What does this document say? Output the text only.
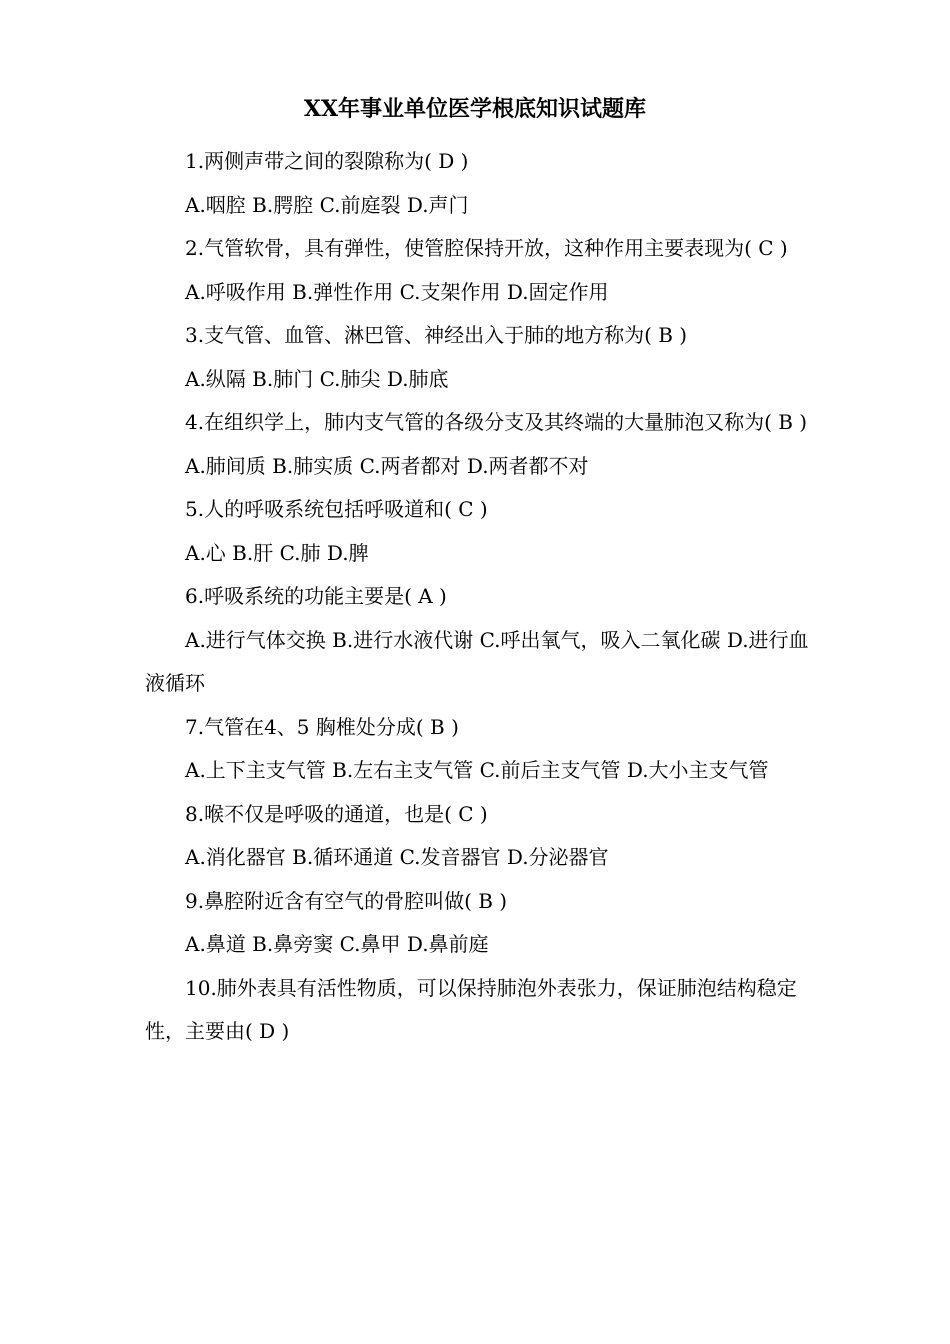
XX年事业单位医学根底知识试题库

1.两侧声带之间的裂隙称为( D )

A.咽腔 B.腭腔 C.前庭裂 D.声门

2.气管软骨，具有弹性，使管腔保持开放，这种作用主要表现为( C )

A.呼吸作用 B.弹性作用 C.支架作用 D.固定作用

3.支气管、血管、淋巴管、神经出入于肺的地方称为( B )

A.纵隔 B.肺门 C.肺尖 D.肺底

4.在组织学上，肺内支气管的各级分支及其终端的大量肺泡又称为( B )

A.肺间质 B.肺实质 C.两者都对 D.两者都不对

5.人的呼吸系统包括呼吸道和( C )

A.心 B.肝 C.肺 D.脾

6.呼吸系统的功能主要是( A )

A.进行气体交换 B.进行水液代谢 C.呼出氧气，吸入二氧化碳 D.进行血液循环

7.气管在4、5 胸椎处分成( B )

A.上下主支气管 B.左右主支气管 C.前后主支气管 D.大小主支气管

8.喉不仅是呼吸的通道，也是( C )

A.消化器官 B.循环通道 C.发音器官 D.分泌器官

9.鼻腔附近含有空气的骨腔叫做( B )

A.鼻道 B.鼻旁窦 C.鼻甲 D.鼻前庭

10.肺外表具有活性物质，可以保持肺泡外表张力，保证肺泡结构稳定性，主要由( D )
